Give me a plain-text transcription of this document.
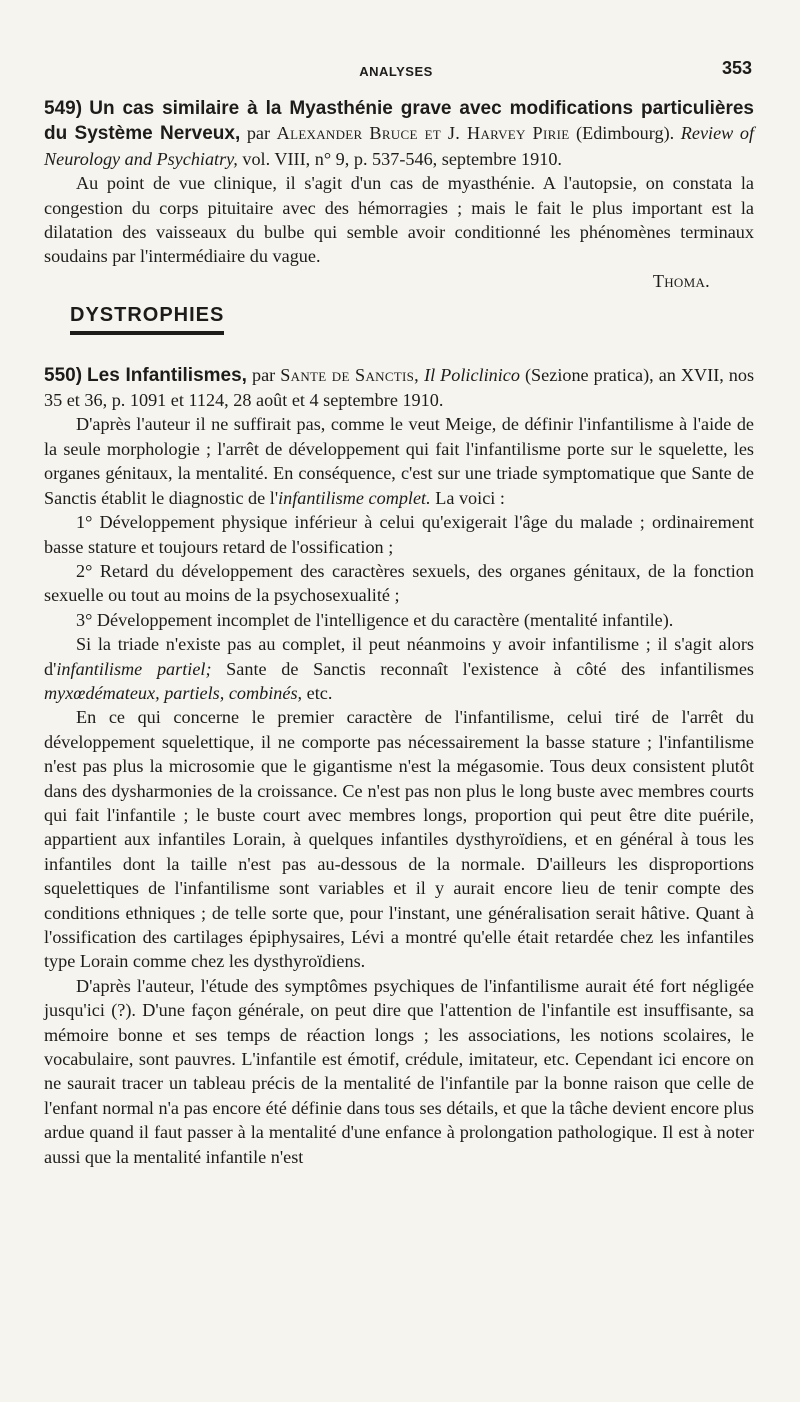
ANALYSES	353

549) Un cas similaire à la Myasthénie grave avec modifications particulières du Système Nerveux, par Alexander Bruce et J. Harvey Pirie (Edimbourg). Review of Neurology and Psychiatry, vol. VIII, n° 9, p. 537-546, septembre 1910.

Au point de vue clinique, il s'agit d'un cas de myasthénie. A l'autopsie, on constata la congestion du corps pituitaire avec des hémorragies ; mais le fait le plus important est la dilatation des vaisseaux du bulbe qui semble avoir conditionné les phénomènes terminaux soudains par l'intermédiaire du vague.

Thoma.

DYSTROPHIES

550) Les Infantilismes, par Sante de Sanctis, Il Policlinico (Sezione pratica), an XVII, nos 35 et 36, p. 1091 et 1124, 28 août et 4 septembre 1910.

D'après l'auteur il ne suffirait pas, comme le veut Meige, de définir l'infantilisme à l'aide de la seule morphologie ; l'arrêt de développement qui fait l'infantilisme porte sur le squelette, les organes génitaux, la mentalité. En conséquence, c'est sur une triade symptomatique que Sante de Sanctis établit le diagnostic de l'infantilisme complet. La voici :

1° Développement physique inférieur à celui qu'exigerait l'âge du malade ; ordinairement basse stature et toujours retard de l'ossification ;

2° Retard du développement des caractères sexuels, des organes génitaux, de la fonction sexuelle ou tout au moins de la psychosexualité ;

3° Développement incomplet de l'intelligence et du caractère (mentalité infantile).

Si la triade n'existe pas au complet, il peut néanmoins y avoir infantilisme ; il s'agit alors d'infantilisme partiel; Sante de Sanctis reconnaît l'existence à côté des infantilismes myxœdémateux, partiels, combinés, etc.

En ce qui concerne le premier caractère de l'infantilisme, celui tiré de l'arrêt du développement squelettique, il ne comporte pas nécessairement la basse stature ; l'infantilisme n'est pas plus la microsomie que le gigantisme n'est la mégasomie. Tous deux consistent plutôt dans des dysharmonies de la croissance. Ce n'est pas non plus le long buste avec membres courts qui fait l'infantile ; le buste court avec membres longs, proportion qui peut être dite puérile, appartient aux infantiles Lorain, à quelques infantiles dysthyroïdiens, et en général à tous les infantiles dont la taille n'est pas au-dessous de la normale. D'ailleurs les disproportions squelettiques de l'infantilisme sont variables et il y aurait encore lieu de tenir compte des conditions ethniques ; de telle sorte que, pour l'instant, une généralisation serait hâtive. Quant à l'ossification des cartilages épiphysaires, Lévi a montré qu'elle était retardée chez les infantiles type Lorain comme chez les dysthyroïdiens.

D'après l'auteur, l'étude des symptômes psychiques de l'infantilisme aurait été fort négligée jusqu'ici (?). D'une façon générale, on peut dire que l'attention de l'infantile est insuffisante, sa mémoire bonne et ses temps de réaction longs ; les associations, les notions scolaires, le vocabulaire, sont pauvres. L'infantile est émotif, crédule, imitateur, etc. Cependant ici encore on ne saurait tracer un tableau précis de la mentalité de l'infantile par la bonne raison que celle de l'enfant normal n'a pas encore été définie dans tous ses détails, et que la tâche devient encore plus ardue quand il faut passer à la mentalité d'une enfance à prolongation pathologique. Il est à noter aussi que la mentalité infantile n'est
